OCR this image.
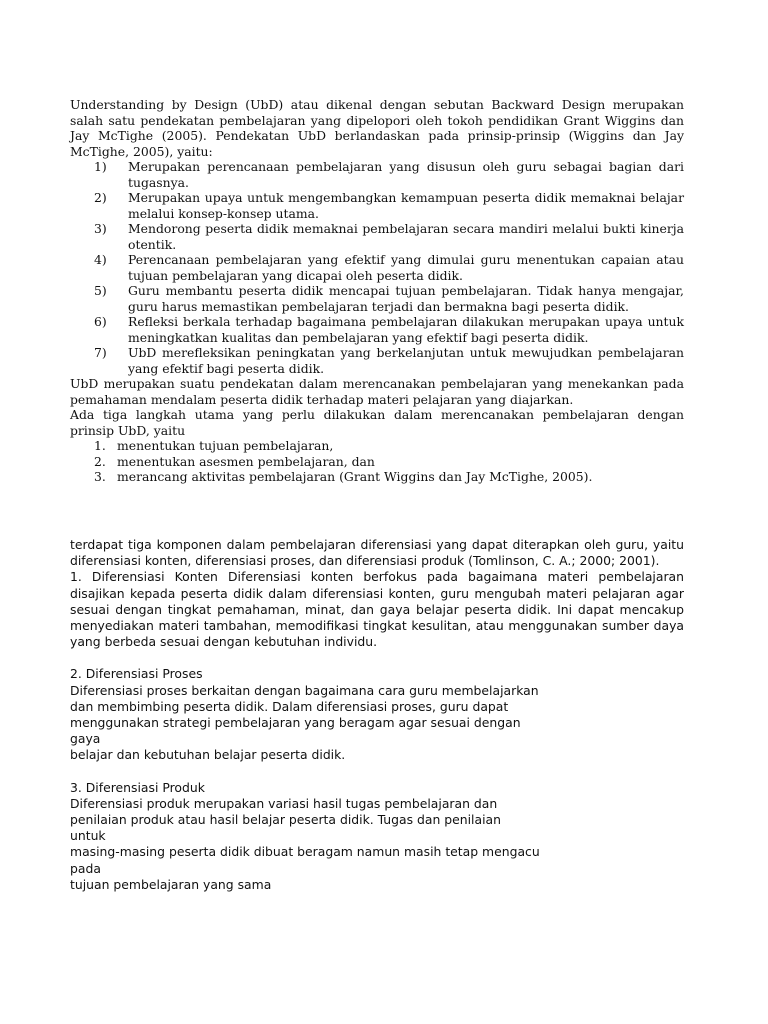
Understanding by Design (UbD) atau dikenal dengan sebutan Backward Design merupakan salah satu pendekatan pembelajaran yang dipelopori oleh tokoh pendidikan Grant Wiggins dan Jay McTighe (2005). Pendekatan UbD berlandaskan pada prinsip-prinsip (Wiggins dan Jay McTighe, 2005), yaitu:
1)	Merupakan perencanaan pembelajaran yang disusun oleh guru sebagai bagian dari tugasnya.
2)	Merupakan upaya untuk mengembangkan kemampuan peserta didik memaknai belajar melalui konsep-konsep utama.
3)	Mendorong peserta didik memaknai pembelajaran secara mandiri melalui bukti kinerja otentik.
4)	Perencanaan pembelajaran yang efektif yang dimulai guru menentukan capaian atau tujuan pembelajaran yang dicapai oleh peserta didik.
5)	Guru membantu peserta didik mencapai tujuan pembelajaran. Tidak hanya mengajar, guru harus memastikan pembelajaran terjadi dan bermakna bagi peserta didik.
6)	Refleksi berkala terhadap bagaimana pembelajaran dilakukan merupakan upaya untuk meningkatkan kualitas dan pembelajaran yang efektif bagi peserta didik.
7)	UbD merefleksikan peningkatan yang berkelanjutan untuk mewujudkan pembelajaran yang efektif bagi peserta didik.
UbD merupakan suatu pendekatan dalam merencanakan pembelajaran yang menekankan pada pemahaman mendalam peserta didik terhadap materi pelajaran yang diajarkan.
Ada tiga langkah utama yang perlu dilakukan dalam merencanakan pembelajaran dengan prinsip UbD, yaitu
1. menentukan tujuan pembelajaran,
2. menentukan asesmen pembelajaran, dan
3. merancang aktivitas pembelajaran (Grant Wiggins dan Jay McTighe, 2005).
terdapat tiga komponen dalam pembelajaran diferensiasi yang dapat diterapkan oleh guru, yaitu diferensiasi konten, diferensiasi proses, dan diferensiasi produk (Tomlinson, C. A.; 2000; 2001).
1. Diferensiasi Konten Diferensiasi konten berfokus pada bagaimana materi pembelajaran disajikan kepada peserta didik dalam diferensiasi konten, guru mengubah materi pelajaran agar sesuai dengan tingkat pemahaman, minat, dan gaya belajar peserta didik. Ini dapat mencakup menyediakan materi tambahan, memodifikasi tingkat kesulitan, atau menggunakan sumber daya yang berbeda sesuai dengan kebutuhan individu.
2. Diferensiasi Proses
Diferensiasi proses berkaitan dengan bagaimana cara guru membelajarkan
dan membimbing peserta didik. Dalam diferensiasi proses, guru dapat
menggunakan strategi pembelajaran yang beragam agar sesuai dengan gaya
belajar dan kebutuhan belajar peserta didik.
3. Diferensiasi Produk
Diferensiasi produk merupakan variasi hasil tugas pembelajaran dan
penilaian produk atau hasil belajar peserta didik. Tugas dan penilaian untuk
masing-masing peserta didik dibuat beragam namun masih tetap mengacu pada
tujuan pembelajaran yang sama
